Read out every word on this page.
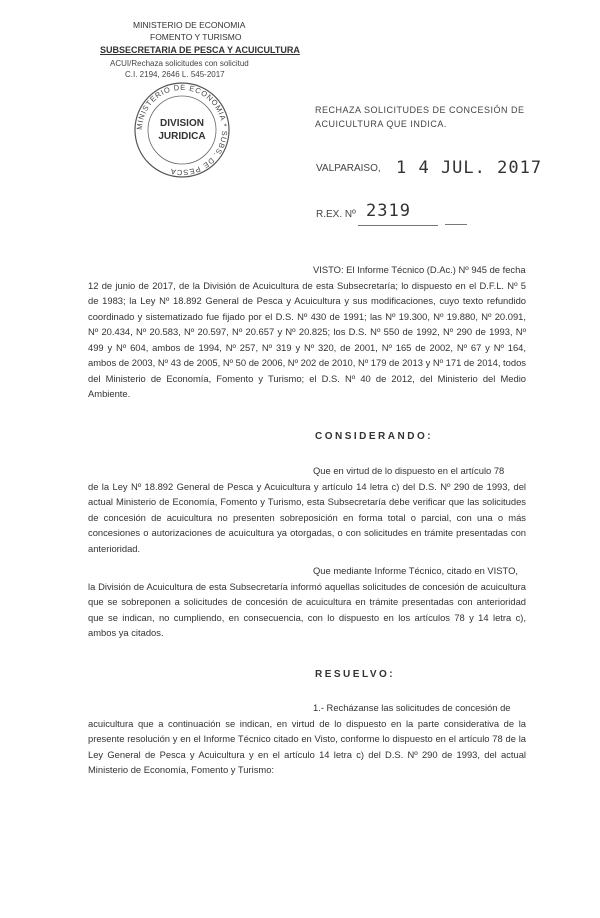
MINISTERIO DE ECONOMIA
FOMENTO Y TURISMO
SUBSECRETARIA DE PESCA Y ACUICULTURA
ACUI/Rechaza solicitudes con solicitud
C.I. 2194, 2646 L. 545-2017
MINISTERIO DE ECONOMIA * SUBS. DE PESCA
DIVISION
JURIDICA
RECHAZA SOLICITUDES DE CONCESIÓN DE ACUICULTURA QUE INDICA.
VALPARAISO, 1 4 JUL. 2017
R.EX. Nº 2319
VISTO: El Informe Técnico (D.Ac.) Nº 945 de fecha
12 de junio de 2017, de la División de Acuicultura de esta Subsecretaría; lo dispuesto en el D.F.L. Nº 5 de 1983; la Ley Nº 18.892 General de Pesca y Acuicultura y sus modificaciones, cuyo texto refundido coordinado y sistematizado fue fijado por el D.S. Nº 430 de 1991; las Nº 19.300, Nº 19.880, Nº 20.091, Nº 20.434, Nº 20.583, Nº 20.597, Nº 20.657 y Nº 20.825; los D.S. Nº 550 de 1992, Nº 290 de 1993, Nº 499 y Nº 604, ambos de 1994, Nº 257, Nº 319 y Nº 320, de 2001, Nº 165 de 2002, Nº 67 y Nº 164, ambos de 2003, Nº 43 de 2005, Nº 50 de 2006, Nº 202 de 2010, Nº 179 de 2013 y Nº 171 de 2014, todos del Ministerio de Economía, Fomento y Turismo; el D.S. Nº 40 de 2012, del Ministerio del Medio Ambiente.
CONSIDERANDO:
Que en virtud de lo dispuesto en el artículo 78
de la Ley Nº 18.892 General de Pesca y Acuicultura y artículo 14 letra c) del D.S. Nº 290 de 1993, del actual Ministerio de Economía, Fomento y Turismo, esta Subsecretaría debe verificar que las solicitudes de concesión de acuicultura no presenten sobreposición en forma total o parcial, con una o más concesiones o autorizaciones de acuicultura ya otorgadas, o con solicitudes en trámite presentadas con anterioridad.
Que mediante Informe Técnico, citado en VISTO,
la División de Acuicultura de esta Subsecretaría informó aquellas solicitudes de concesión de acuicultura que se sobreponen a solicitudes de concesión de acuicultura en trámite presentadas con anterioridad que se indican, no cumpliendo, en consecuencia, con lo dispuesto en los artículos 78 y 14 letra c), ambos ya citados.
RESUELVO:
1.- Recházanse las solicitudes de concesión de
acuicultura que a continuación se indican, en virtud de lo dispuesto en la parte considerativa de la presente resolución y en el Informe Técnico citado en Visto, conforme lo dispuesto en el artículo 78 de la Ley General de Pesca y Acuicultura y en el artículo 14 letra c) del D.S. Nº 290 de 1993, del actual Ministerio de Economía, Fomento y Turismo:
